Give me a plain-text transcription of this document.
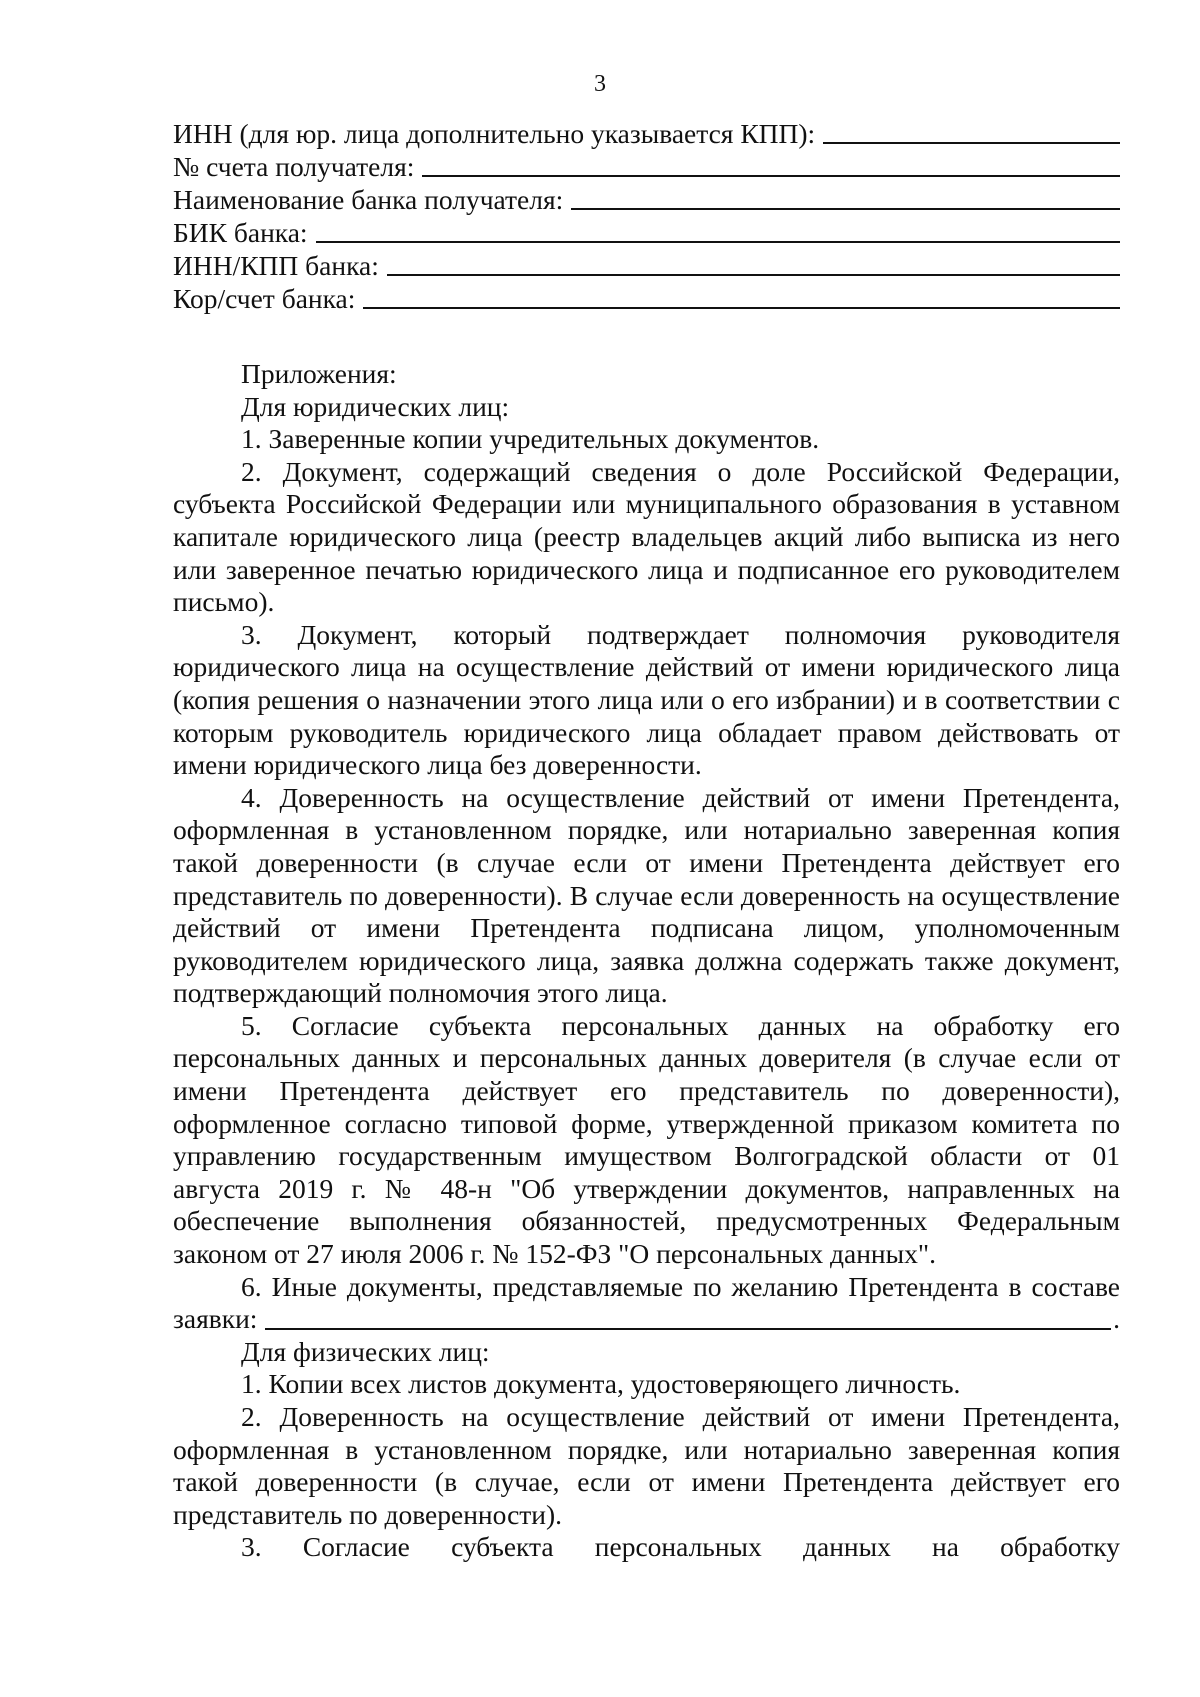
3
ИНН (для юр. лица дополнительно указывается КПП):
№ счета получателя:
Наименование банка получателя:
БИК банка:
ИНН/КПП банка:
Кор/счет банка:

Приложения:

Для юридических лиц:

1. Заверенные копии учредительных документов.

2. Документ, содержащий сведения о доле Российской Федерации, субъекта Российской Федерации или муниципального образования в уставном капитале юридического лица (реестр владельцев акций либо выписка из него или заверенное печатью юридического лица и подписанное его руководителем письмо).

3. Документ, который подтверждает полномочия руководителя юридического лица на осуществление действий от имени юридического лица (копия решения о назначении этого лица или о его избрании) и в соответствии с которым руководитель юридического лица обладает правом действовать от имени юридического лица без доверенности.

4. Доверенность на осуществление действий от имени Претендента, оформленная в установленном порядке, или нотариально заверенная копия такой доверенности (в случае если от имени Претендента действует его представитель по доверенности). В случае если доверенность на осуществление действий от имени Претендента подписана лицом, уполномоченным руководителем юридического лица, заявка должна содержать также документ, подтверждающий полномочия этого лица.

5. Согласие субъекта персональных данных на обработку его персональных данных и персональных данных доверителя (в случае если от имени Претендента действует его представитель по доверенности), оформленное согласно типовой форме, утвержденной приказом комитета по управлению государственным имуществом Волгоградской области от 01 августа 2019 г. № 48-н "Об утверждении документов, направленных на обеспечение выполнения обязанностей, предусмотренных Федеральным законом от 27 июля 2006 г. № 152-ФЗ "О персональных данных".

6. Иные документы, представляемые по желанию Претендента в составе

заявки:	.

Для физических лиц:

1. Копии всех листов документа, удостоверяющего личность.

2. Доверенность на осуществление действий от имени Претендента, оформленная в установленном порядке, или нотариально заверенная копия такой доверенности (в случае, если от имени Претендента действует его представитель по доверенности).

3. Согласие субъекта персональных данных на обработку
